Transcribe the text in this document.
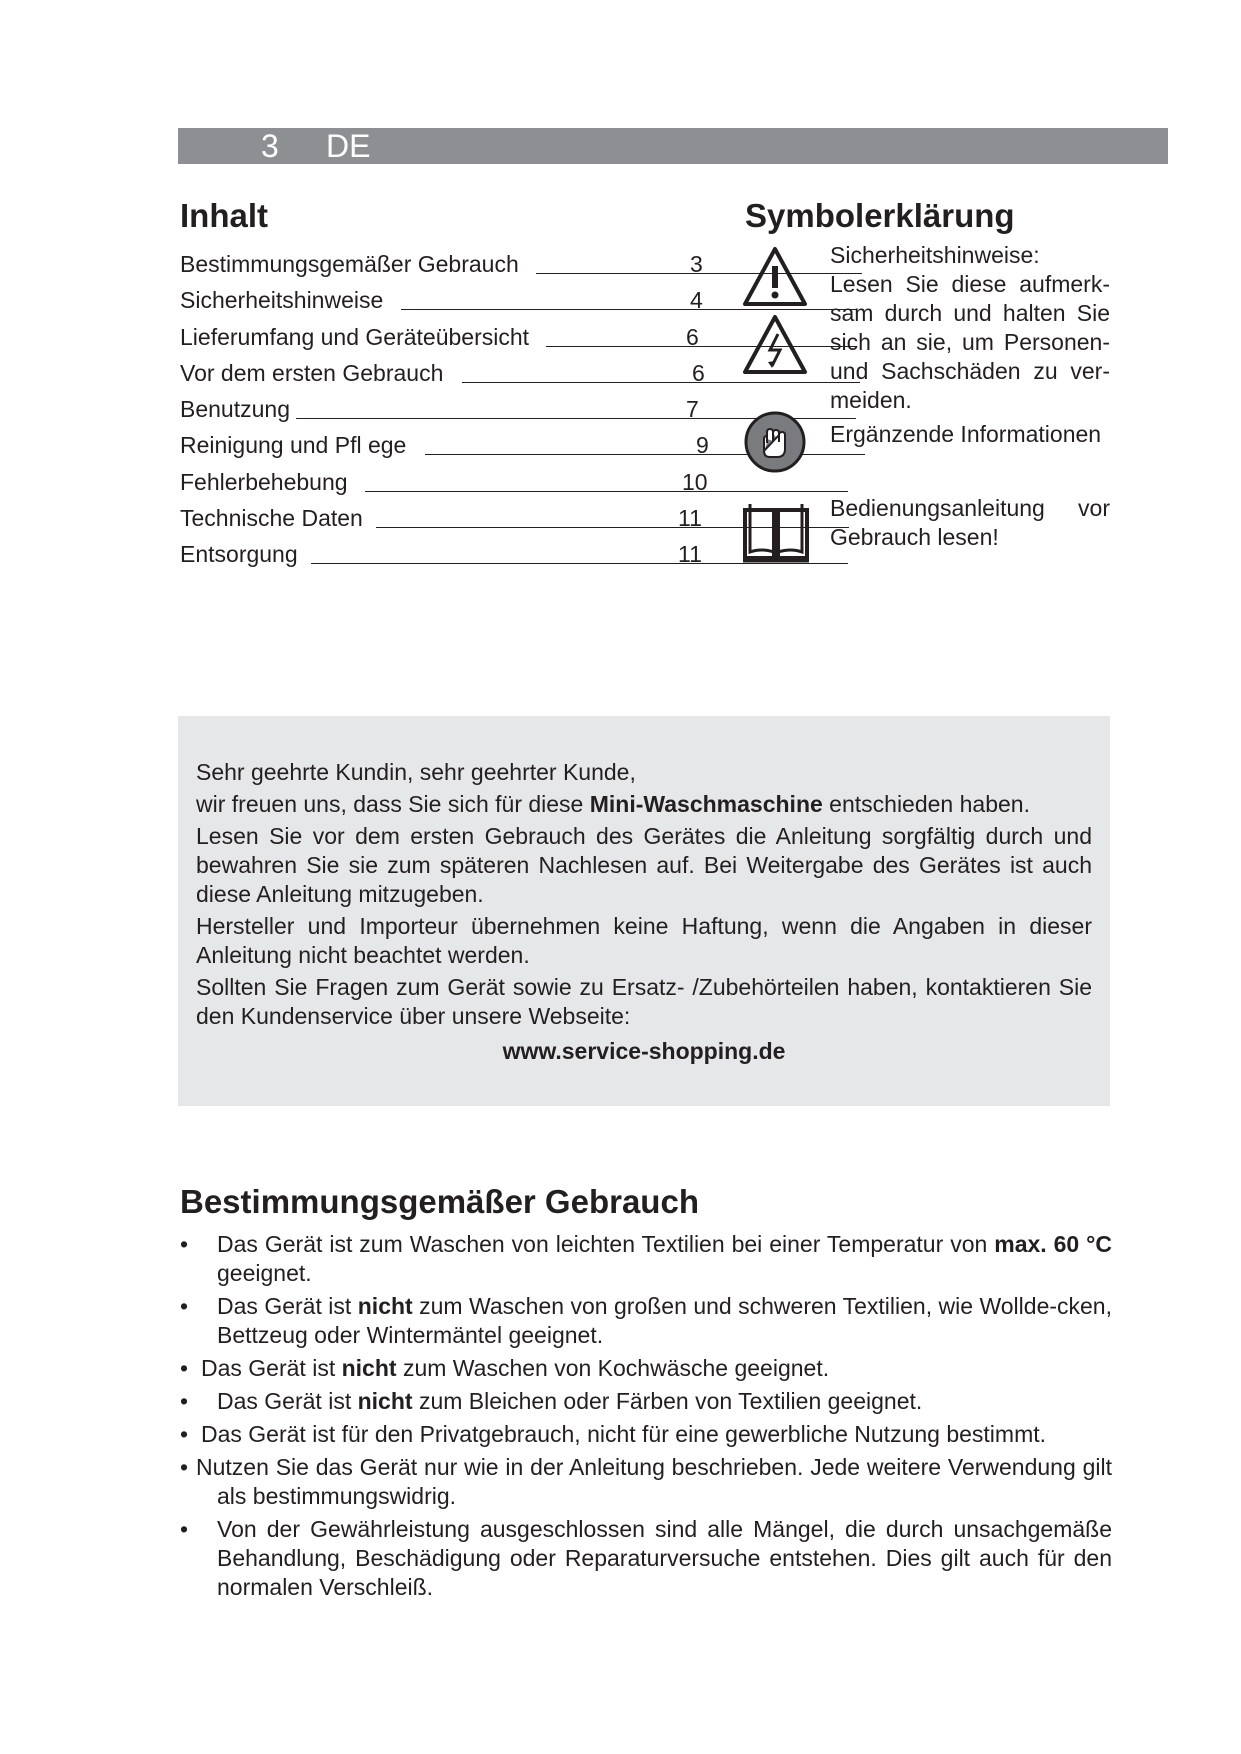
3 DE
Inhalt
Bestimmungsgemäßer Gebrauch	3
Sicherheitshinweise	4
Lieferumfang und Geräteübersicht	6
Vor dem ersten Gebrauch	6
Benutzung	7
Reinigung und Pfl ege	9
Fehlerbehebung	10
Technische Daten	11
Entsorgung	11
Symbolerklärung
Sicherheitshinweise:
Lesen Sie diese aufmerk-
sam durch und halten Sie
sich an sie, um Personen-
und Sachschäden zu ver-
meiden.
Ergänzende Informationen
Bedienungsanleitung vor
Gebrauch lesen!

Sehr geehrte Kundin, sehr geehrter Kunde,

wir freuen uns, dass Sie sich für diese Mini-Waschmaschine entschieden haben.

Lesen Sie vor dem ersten Gebrauch des Gerätes die Anleitung sorgfältig durch und bewahren Sie sie zum späteren Nachlesen auf. Bei Weitergabe des Gerätes ist auch diese Anleitung mitzugeben.

Hersteller und Importeur übernehmen keine Haftung, wenn die Angaben in dieser Anleitung nicht beachtet werden.

Sollten Sie Fragen zum Gerät sowie zu Ersatz- /Zubehörteilen haben, kontaktieren Sie den Kundenservice über unsere Webseite:

www.service-shopping.de

Bestimmungsgemäßer Gebrauch
• Das Gerät ist zum Waschen von leichten Textilien bei einer Temperatur von max. 60 °C geeignet.
• Das Gerät ist nicht zum Waschen von großen und schweren Textilien, wie Wollde-cken, Bettzeug oder Wintermäntel geeignet.
• Das Gerät ist nicht zum Waschen von Kochwäsche geeignet.
• Das Gerät ist nicht zum Bleichen oder Färben von Textilien geeignet.
• Das Gerät ist für den Privatgebrauch, nicht für eine gewerbliche Nutzung bestimmt.
• Nutzen Sie das Gerät nur wie in der Anleitung beschrieben. Jede weitere Verwendung gilt als bestimmungswidrig.
• Von der Gewährleistung ausgeschlossen sind alle Mängel, die durch unsachgemäße Behandlung, Beschädigung oder Reparaturversuche entstehen. Dies gilt auch für den normalen Verschleiß.
